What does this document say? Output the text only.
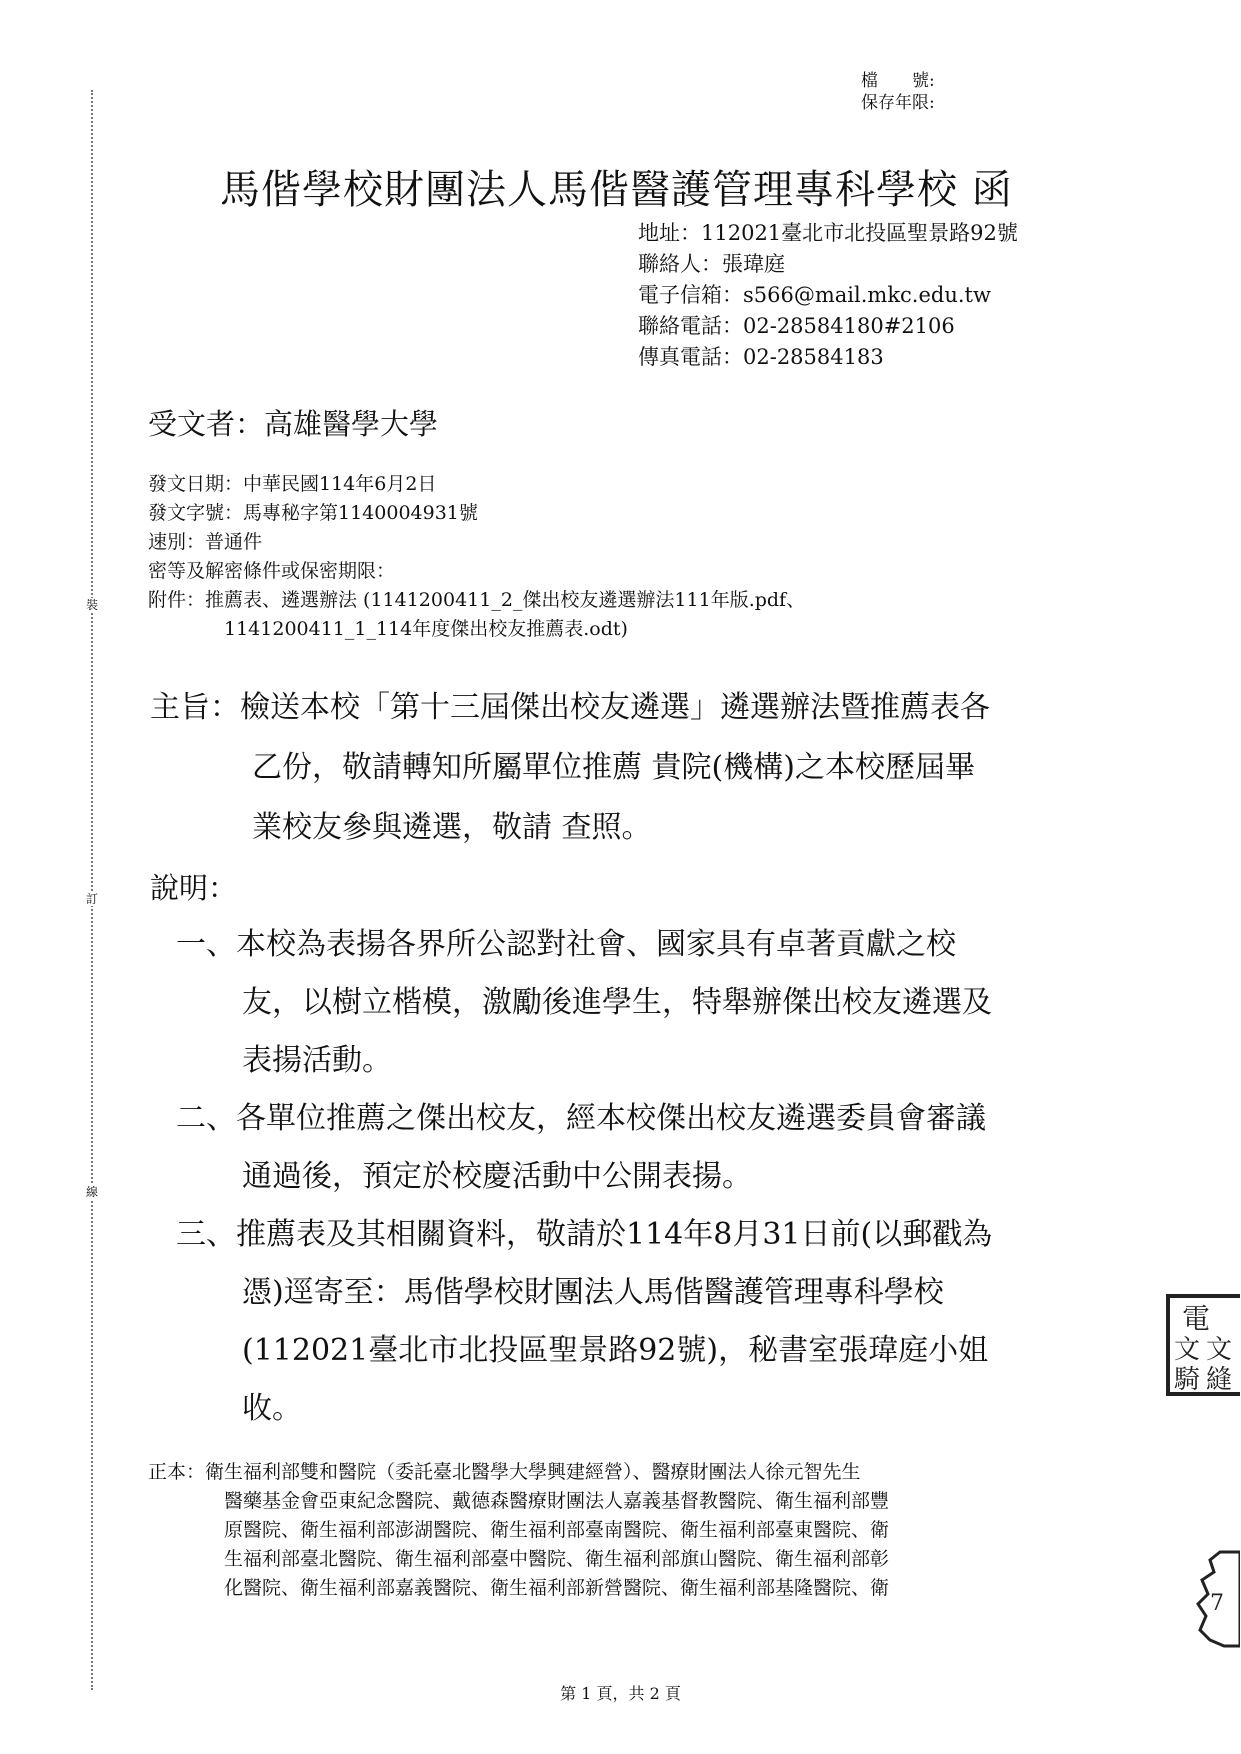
裝
訂
線
檔　　號:
保存年限:
馬偕學校財團法人馬偕醫護管理專科學校 函
地址：112021臺北市北投區聖景路92號
聯絡人：張瑋庭
電子信箱：s566@mail.mkc.edu.tw
聯絡電話：02-28584180#2106
傳真電話：02-28584183
受文者：高雄醫學大學
發文日期：中華民國114年6月2日
發文字號：馬專秘字第1140004931號
速別：普通件
密等及解密條件或保密期限：
附件：推薦表、遴選辦法 (1141200411_2_傑出校友遴選辦法111年版.pdf、
1141200411_1_114年度傑出校友推薦表.odt)
主旨：檢送本校「第十三屆傑出校友遴選」遴選辦法暨推薦表各
乙份，敬請轉知所屬單位推薦 貴院(機構)之本校歷屆畢
業校友參與遴選，敬請 查照。
說明：
一、本校為表揚各界所公認對社會、國家具有卓著貢獻之校
友，以樹立楷模，激勵後進學生，特舉辦傑出校友遴選及
表揚活動。
二、各單位推薦之傑出校友，經本校傑出校友遴選委員會審議
通過後，預定於校慶活動中公開表揚。
三、推薦表及其相關資料，敬請於114年8月31日前(以郵戳為
憑)逕寄至：馬偕學校財團法人馬偕醫護管理專科學校
(112021臺北市北投區聖景路92號)，秘書室張瑋庭小姐
收。
正本：衛生福利部雙和醫院（委託臺北醫學大學興建經營）、醫療財團法人徐元智先生
醫藥基金會亞東紀念醫院、戴德森醫療財團法人嘉義基督教醫院、衛生福利部豐
原醫院、衛生福利部澎湖醫院、衛生福利部臺南醫院、衛生福利部臺東醫院、衛
生福利部臺北醫院、衛生福利部臺中醫院、衛生福利部旗山醫院、衛生福利部彰
化醫院、衛生福利部嘉義醫院、衛生福利部新營醫院、衛生福利部基隆醫院、衛
電
文 文
騎 縫
7
第 1 頁，共 2 頁
